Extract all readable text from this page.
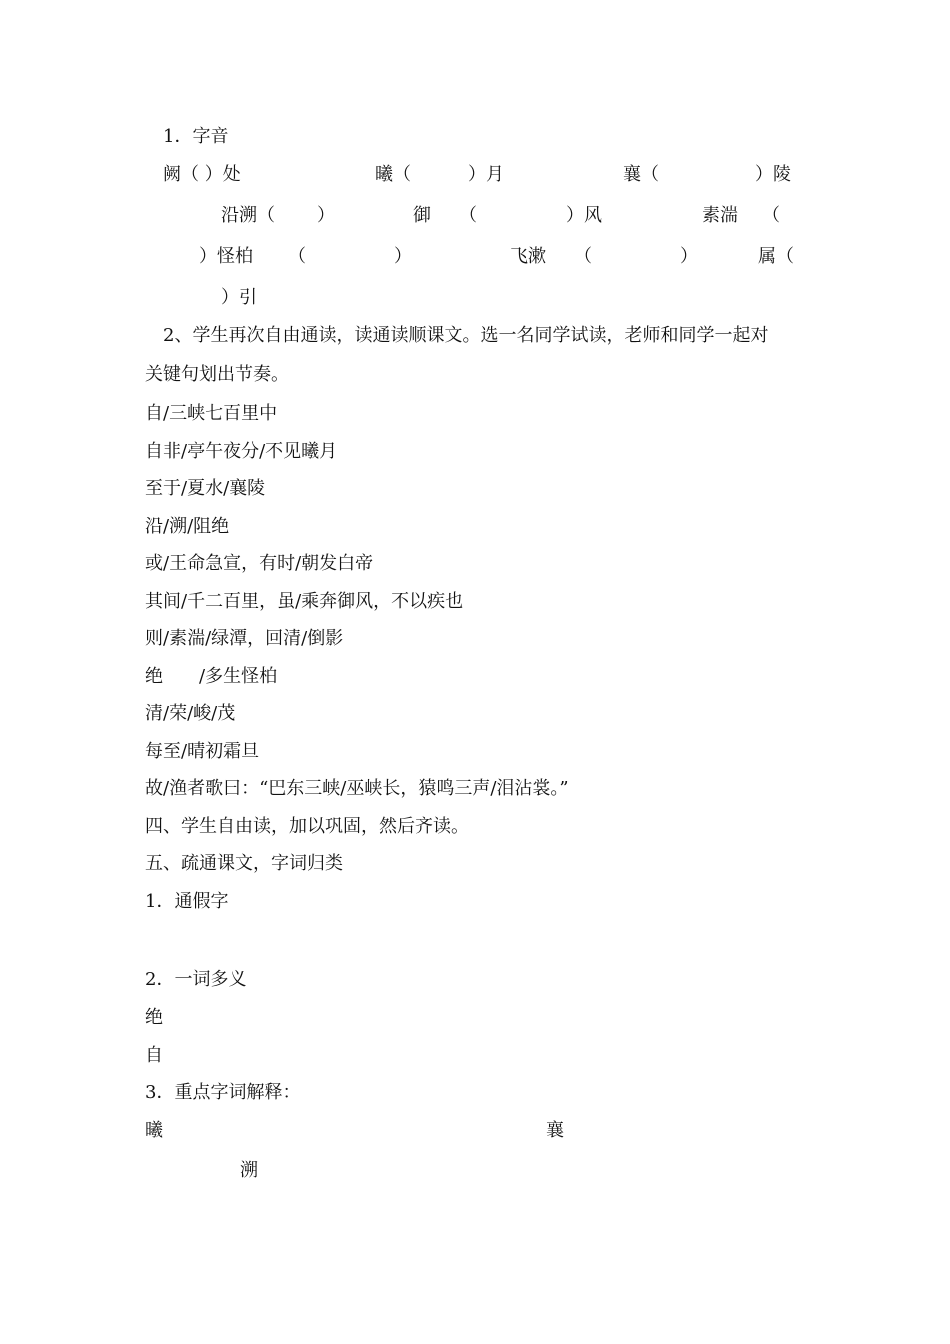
1．字音
阙（ ）处	曦（	）月	襄（	）陵
沿溯（ ）	御 （	）风	素湍 （
）怪柏 （	）	飞漱 （	）	属（
）引
2、学生再次自由通读，读通读顺课文。选一名同学试读，老师和同学一起对
关键句划出节奏。
自/三峡七百里中
自非/亭午夜分/不见曦月
至于/夏水/襄陵
沿/溯/阻绝
或/王命急宣，有时/朝发白帝
其间/千二百里，虽/乘奔御风，不以疾也
则/素湍/绿潭，回清/倒影
绝　　/多生怪柏
清/荣/峻/茂
每至/晴初霜旦
故/渔者歌曰：“巴东三峡/巫峡长，猿鸣三声/泪沾裳。”
四、学生自由读，加以巩固，然后齐读。
五、疏通课文，字词归类
1．通假字
2．一词多义
绝
自
3．重点字词解释：
曦	襄
溯
